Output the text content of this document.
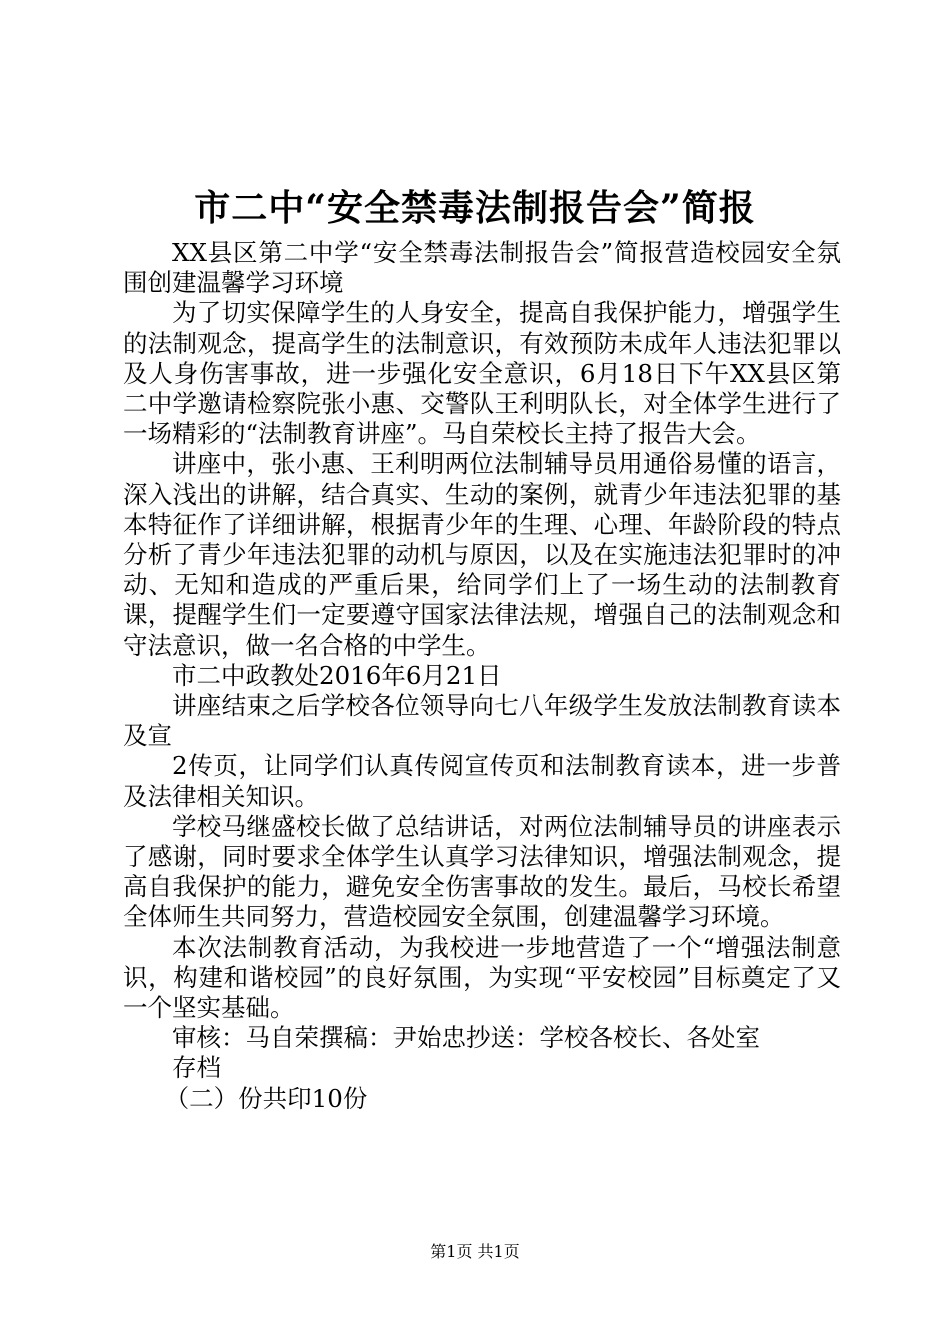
市二中“安全禁毒法制报告会”简报

XX县区第二中学“安全禁毒法制报告会”简报营造校园安全氛围创建温馨学习环境

为了切实保障学生的人身安全，提高自我保护能力，增强学生的法制观念，提高学生的法制意识，有效预防未成年人违法犯罪以及人身伤害事故，进一步强化安全意识，6月18日下午XX县区第二中学邀请检察院张小惠、交警队王利明队长，对全体学生进行了一场精彩的“法制教育讲座”。马自荣校长主持了报告大会。

讲座中，张小惠、王利明两位法制辅导员用通俗易懂的语言，深入浅出的讲解，结合真实、生动的案例，就青少年违法犯罪的基本特征作了详细讲解，根据青少年的生理、心理、年龄阶段的特点分析了青少年违法犯罪的动机与原因，以及在实施违法犯罪时的冲动、无知和造成的严重后果，给同学们上了一场生动的法制教育课，提醒学生们一定要遵守国家法律法规，增强自己的法制观念和守法意识，做一名合格的中学生。

市二中政教处2016年6月21日

讲座结束之后学校各位领导向七八年级学生发放法制教育读本及宣

2传页，让同学们认真传阅宣传页和法制教育读本，进一步普及法律相关知识。

学校马继盛校长做了总结讲话，对两位法制辅导员的讲座表示了感谢，同时要求全体学生认真学习法律知识，增强法制观念，提高自我保护的能力，避免安全伤害事故的发生。最后，马校长希望全体师生共同努力，营造校园安全氛围，创建温馨学习环境。

本次法制教育活动，为我校进一步地营造了一个“增强法制意识，构建和谐校园”的良好氛围，为实现“平安校园”目标奠定了又一个坚实基础。

审核：马自荣撰稿：尹始忠抄送：学校各校长、各处室

存档

（二）份共印10份

第1页 共1页
